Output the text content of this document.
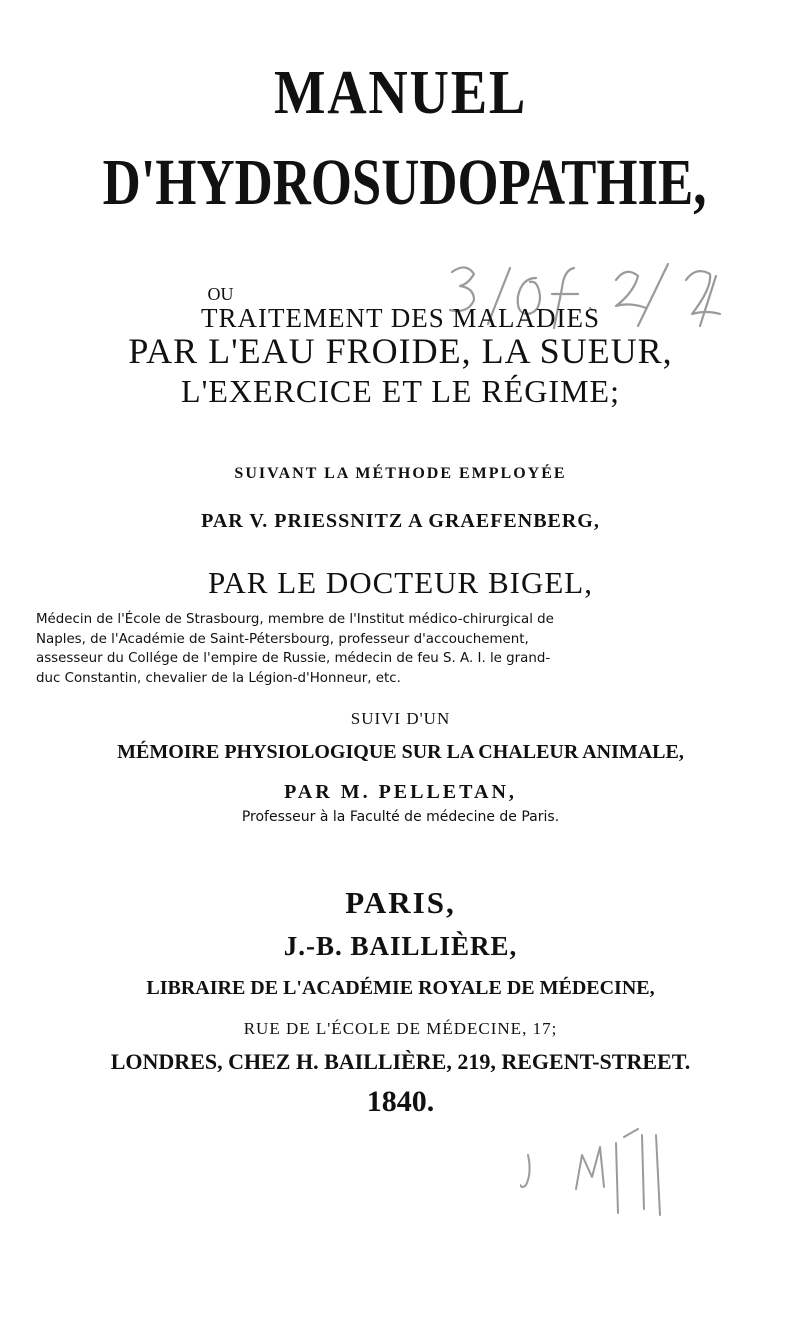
MANUEL
D'HYDROSUDOPATHIE,
OU
TRAITEMENT DES MALADIES
PAR L'EAU FROIDE, LA SUEUR,
L'EXERCICE ET LE RÉGIME;
SUIVANT LA MÉTHODE EMPLOYÉE
PAR V. PRIESSNITZ A GRAEFENBERG,
PAR LE DOCTEUR BIGEL,
Médecin de l'École de Strasbourg, membre de l'Institut médico-chirurgical de
Naples, de l'Académie de Saint-Pétersbourg, professeur d'accouchement,
assesseur du Collége de l'empire de Russie, médecin de feu S. A. I. le grand-
duc Constantin, chevalier de la Légion-d'Honneur, etc.
SUIVI D'UN
MÉMOIRE PHYSIOLOGIQUE SUR LA CHALEUR ANIMALE,
PAR M. PELLETAN,
Professeur à la Faculté de médecine de Paris.
PARIS,
J.-B. BAILLIÈRE,
LIBRAIRE DE L'ACADÉMIE ROYALE DE MÉDECINE,
RUE DE L'ÉCOLE DE MÉDECINE, 17;
LONDRES, CHEZ H. BAILLIÈRE, 219, REGENT-STREET.
1840.
